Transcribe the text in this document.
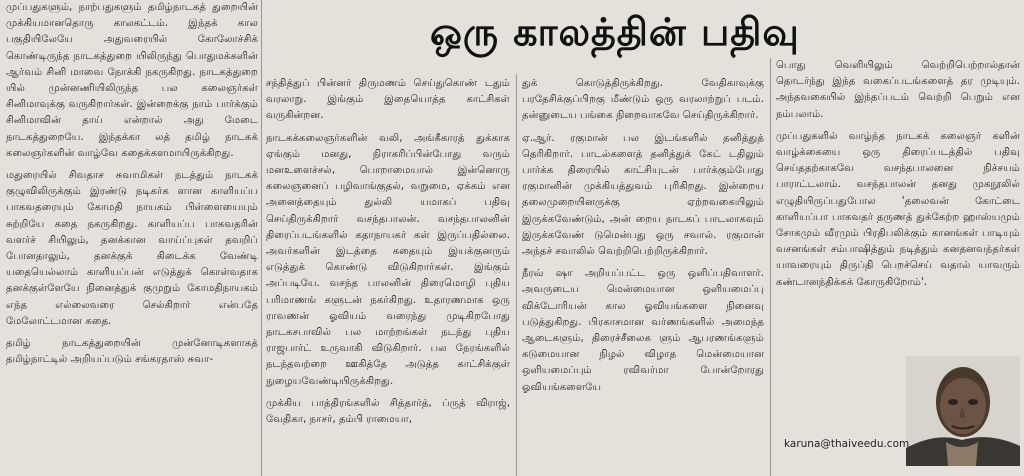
ஒரு காலத்தின் பதிவு

முப்பதுகளும், நாற்பதுகளும் தமிழ்நாடகத் துறையின் முக்கியமானதொரு காலகட்டம். இந்தக் கால பகுதியிலேயே அதுவரையில் கோலோச்சிக் கொண்டிருந்த நாடகத்துறை யிலிருந்து பொதுமக்களின் ஆர்வம் சினி மாவை நோக்கி நகருகிறது. நாடகத்துறை யில் முன்னணியிலிருந்த பல கலைஞர்கள் சினிமாவுக்கு வருகிறார்கள். இன்றைக்கு நாம் பார்க்கும் சினிமாவின் தாய் என்றால் அது மேடை நாடகத்துறையே. இந்தக்கா லத் தமிழ் நாடகக் கலைஞர்களின் வாழ்வே கதைக்களமாயிருக்கிறது.

மதுரையில் சிவதாச சுவாமிகள் நடத்தும் நாடகக் குழுவிலிருக்கும் இரண்டு நடிகர்க ளான காளியப்ப பாகவதரையும் கோமதி நாயகம் பிள்ளையையும் சுற்றியே கதை நகருகிறது. காளியப்ப பாகவதரின் வளர்ச் சியிலும், தனக்கான வாய்ப்புகள் தவறிப் போனதாலும், தனக்குக் கிடைக்க வேண்டி யதையெல்லாம் காளியப்பன் எடுத்துக் கொள்வதாக தனக்குள்ளேயே நினைத்துக் குமுறும் கோமதிநாயகம் எந்த எல்லைவரை செல்கிறார் என்பதே மேலோட்டமான கதை.

தமிழ் நாடகத்துறையின் முன்னோடிகளாகத் தமிழ்நாட்டில் அறியப்படும் சங்கரதாஸ் சுவா-

சந்தித்துப் பின்னர் திருமணம் செய்துகொண் டதும் வரலாறு. இங்கும் இதையொத்த காட்சிகள் வருகின்றன.

நாடகக்கலைஞர்களின் வலி, அங்கீகாரத் துக்காக ஏங்கும் மனது, நிராகரிப்பின்போது வரும் மனஉளைச்சல், பொறாமையால் இன்னொரு கலைஞனைப் பழிவாங்குதல், வறுமை, ஏக்கம் என அனைத்தையும் துல்லி யமாகப் பதிவு செய்திருக்கிறார் வசந்தபாலன். வசந்தபாலனின் திரைப்படங்களில் கதாநாயகர் கள் இருப்பதில்லை. அவர்களின் இடத்தை கதையும் இயக்குனரும் எடுத்துக் கொண்டு விடுகிறார்கள். இங்கும் அப்படியே. வசந்த பாலனின் திரைமொழி புதிய பரிமாணங் களுடன் நகர்கிறது. உதாரணமாக ஒரு ராவணன் ஓவியம் வரைந்து முடிகிறபோது நாடகசபாவில் பல மாற்றங்கள் நடந்து புதிய ராஜபார்ட் உருவாகி விடுகிறார். பல நேரங்களில் நடந்தவற்றை ஊகித்தே அடுத்த காட்சிக்குள் நுழையவேண்டியிருக்கிறது.

முக்கிய பாத்திரங்களில் சித்தார்த், ப்ருத் விராஜ், வேதிகா, நாசர், தம்பி ராமையா,

துக் கொடுத்திருக்கிறது. வேதிகாவுக்கு பரதேசிக்குப்பிறகு மீண்டும் ஒரு வரலாற்றுப் படம். தன்னுடைய பங்கை நிறைவாகவே செய்திருக்கிறார்.

ஏ.ஆர். ரகுமான் பல இடங்களில் தனித்துத் தெரிகிறார். பாடல்களைத் தனித்துக் கேட் டதிலும் பார்க்க திரையில் காட்சியுடன் பார்க்கும்போது ரகுமானின் முக்கியத்துவம் புரிகிறது. இன்றைய தலைமுறையினருக்கு ஏற்றவகையிலும் இருக்கவேண்டும், அன் றைய நாடகப் பாடலாகவும் இருக்கவேண் டுமென்பது ஒரு சவால். ரகுமான் அந்தச் சவாலில் வெற்றிபெற்றிருக்கிறார்.

நீரவ் ஷா அறியப்பட்ட ஒரு ஒளிப்பதிவாளர். அவருடைய மென்மையான ஒளியமைப்பு விக்டோரியன் கால ஓவியங்களை நினைவு படுத்துகிறது. பிரகாசமான வர்ணங்களில் அமைந்த ஆடைகளும், திரைச்சீலைக ளும் ஆபரணங்களும் கடுமையான நிழல் விழாத மென்மையான ஒளியமைப்பும் ரவிவர்மா போன்றோரது ஓவியங்களையே

பொது வெளியிலும் வெற்றிபெற்றால்தான் தொடர்ந்து இந்த வகைப்படங்களைத் தர முடியும். அந்தவகையில் இந்தப்படம் வெற்றி பெறும் என நம்பலாம்.

முப்பதுகளில் வாழ்ந்த நாடகக் கலைஞர் களின் வாழ்க்கையை ஒரு திரைப்படத்தில் பதிவு செய்ததற்காகவே வசந்தபாலனை நிச்சயம் பாராட்டலாம். வசந்தபாலன் தனது முகநூலில் எழுதியிருப்பதுபோல 'தலைவன் கோட்டை காளியப்பா பாகவதர் தருணத் துக்கேற்ற ஹாஸ்யமும் சோகமும் வீரமும் பிரதிபலிக்கும் கானங்கள் பாடியும் வசனங்கள் சம்பாஷித்தும் நடித்தும் கனதனவந்தர்கள் யாவரையும் திருப்தி பெறச்செய் வதால் யாவரும் கண்டானந்திக்கக் கோருகிறோம்'.

karuna@thaiveedu.com
